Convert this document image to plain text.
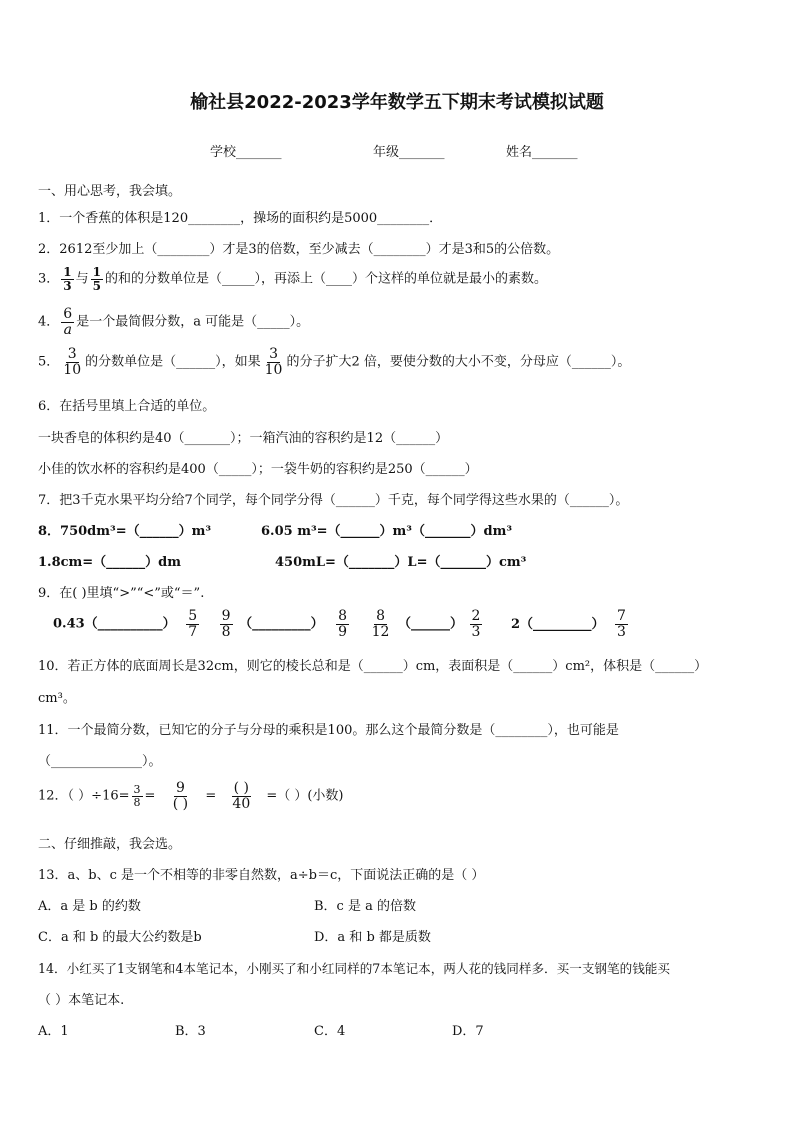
榆社县2022-2023学年数学五下期末考试模拟试题
学校_______	年级_______	姓名_______
一、用心思考，我会填。
1．一个香蕉的体积是120________，操场的面积约是5000________．
2．2612至少加上（________）才是3的倍数，至少减去（________）才是3和5的公倍数。
3． $\frac{1}{3}$ 与 $\frac{1}{5}$ 的和的分数单位是（_____），再添上（____）个这样的单位就是最小的素数。
4． $\frac{6}{a}$ 是一个最简假分数，a 可能是（_____）。
5． $\frac{3}{10}$ 的分数单位是（______），如果 $\frac{3}{10}$ 的分子扩大2 倍，要使分数的大小不变，分母应（______）。
6．在括号里填上合适的单位。
一块香皂的体积约是40（_______）；一箱汽油的容积约是12（______）
小佳的饮水杯的容积约是400（_____）；一袋牛奶的容积约是250（______）
7．把3千克水果平均分给7个同学，每个同学分得（______）千克，每个同学得这些水果的（______）。
8．750dm³=（______）m³	6.05 m³=（______）m³（_______）dm³
1.8cm=（______）dm	450mL=（_______）L=（_______）cm³
9．在( )里填“>”“<”或“＝”.
0.43（__________） $\frac{5}{7}$
$\frac{9}{8}$ （_________） $\frac{8}{9}$
$\frac{8}{12}$ （______） $\frac{2}{3}$ 2（_________） $\frac{7}{3}$
10．若正方体的底面周长是32cm，则它的棱长总和是（______）cm，表面积是（______）cm²，体积是（______）
cm³。
11．一个最简分数，已知它的分子与分母的乘积是100。那么这个最简分数是（________），也可能是
（______________）。
12．（ ）$\div 16= \frac{3}{8} = \frac{9}{( )} = \frac{( )}{40}$ =（ ）(小数)
二、仔细推敲，我会选。
13．a、b、c 是一个不相等的非零自然数，a÷b＝c，下面说法正确的是（ ）
A．a 是 b 的约数	B．c 是 a 的倍数
C．a 和 b 的最大公约数是b	D．a 和 b 都是质数
14．小红买了1支钢笔和4本笔记本，小刚买了和小红同样的7本笔记本，两人花的钱同样多．买一支钢笔的钱能买
（ ）本笔记本.
A．1	B．3	C．4	D．7
